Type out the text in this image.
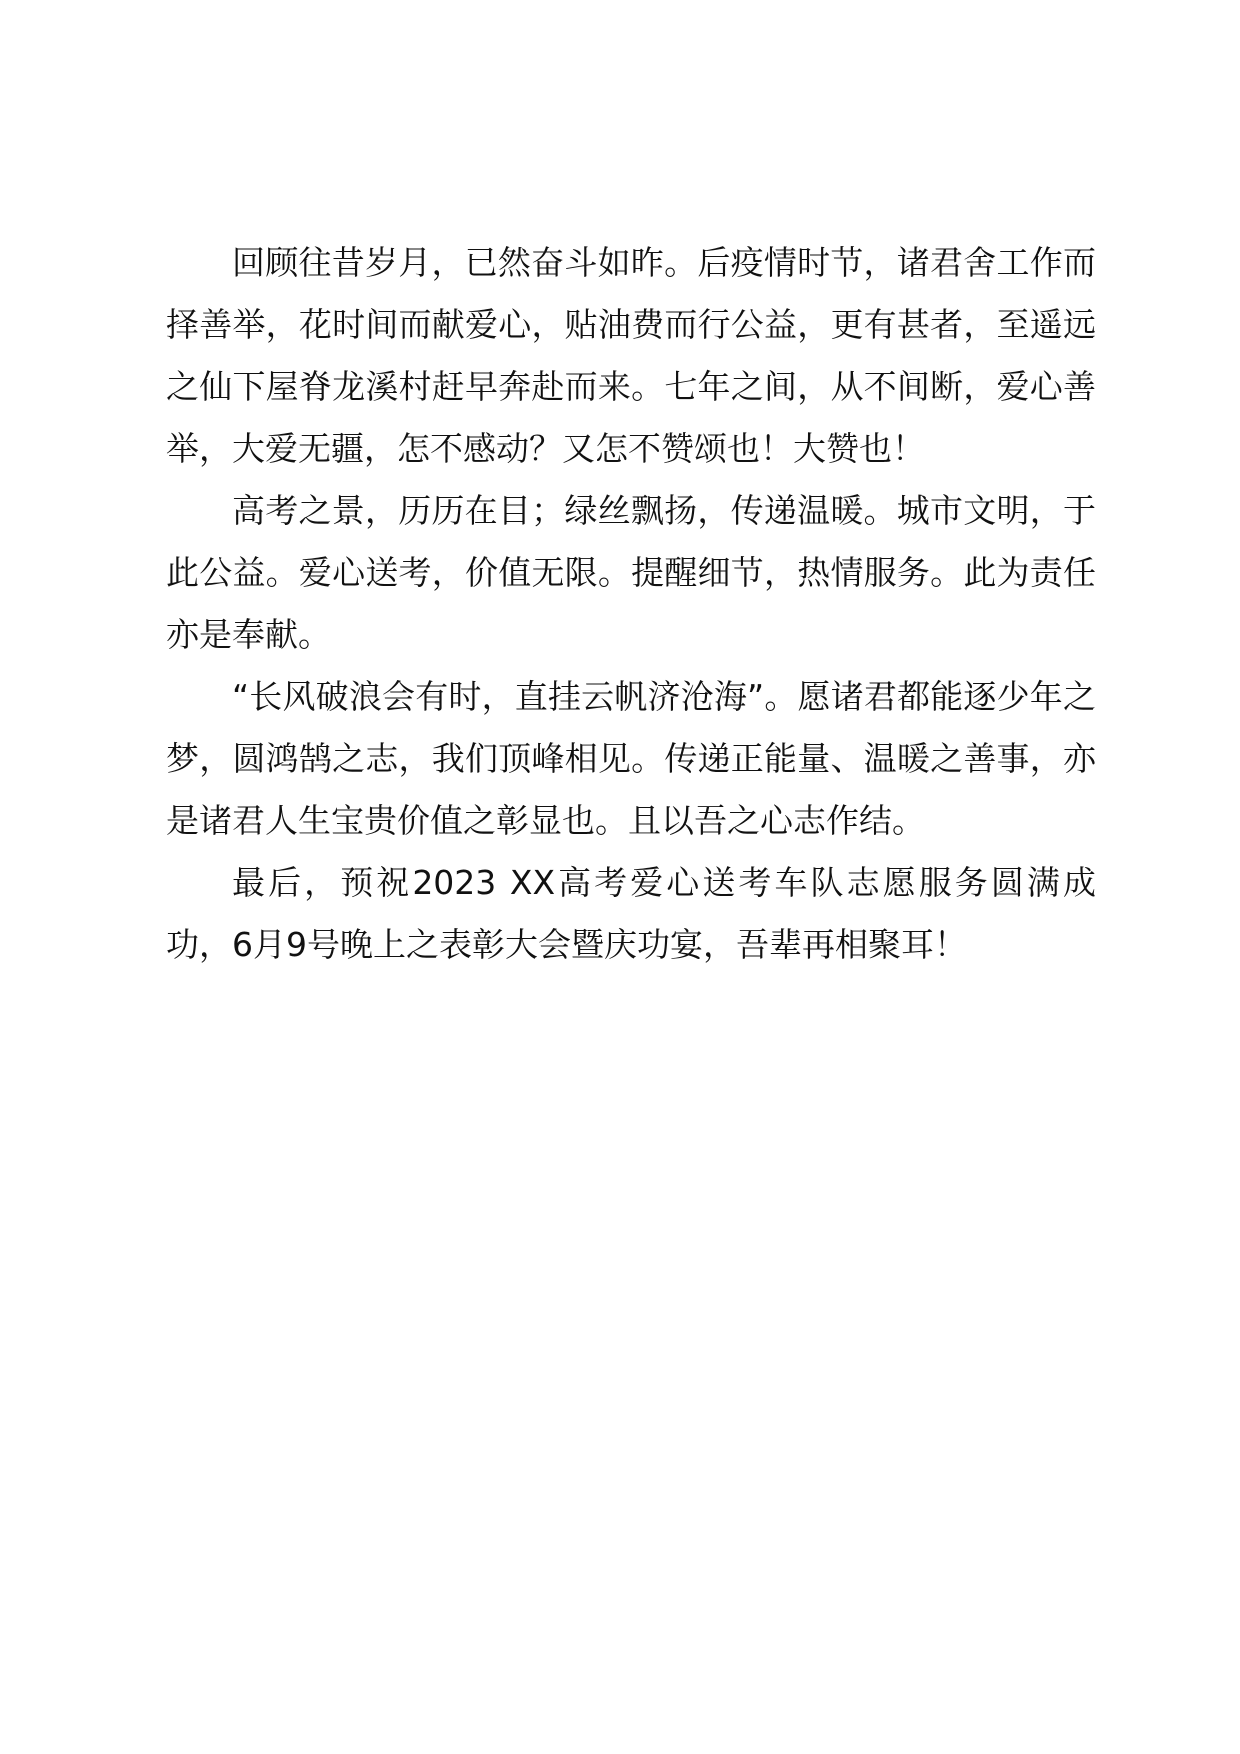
回顾往昔岁月，已然奋斗如昨。后疫情时节，诸君舍工作而择善举，花时间而献爱心，贴油费而行公益，更有甚者，至遥远之仙下屋脊龙溪村赶早奔赴而来。七年之间，从不间断，爱心善举，大爱无疆，怎不感动？又怎不赞颂也！大赞也！

高考之景，历历在目；绿丝飘扬，传递温暖。城市文明，于此公益。爱心送考，价值无限。提醒细节，热情服务。此为责任亦是奉献。

“长风破浪会有时，直挂云帆济沧海”。愿诸君都能逐少年之梦，圆鸿鹄之志，我们顶峰相见。传递正能量、温暖之善事，亦是诸君人生宝贵价值之彰显也。且以吾之心志作结。

最后，预祝2023 XX高考爱心送考车队志愿服务圆满成功，6月9号晚上之表彰大会暨庆功宴，吾辈再相聚耳！
